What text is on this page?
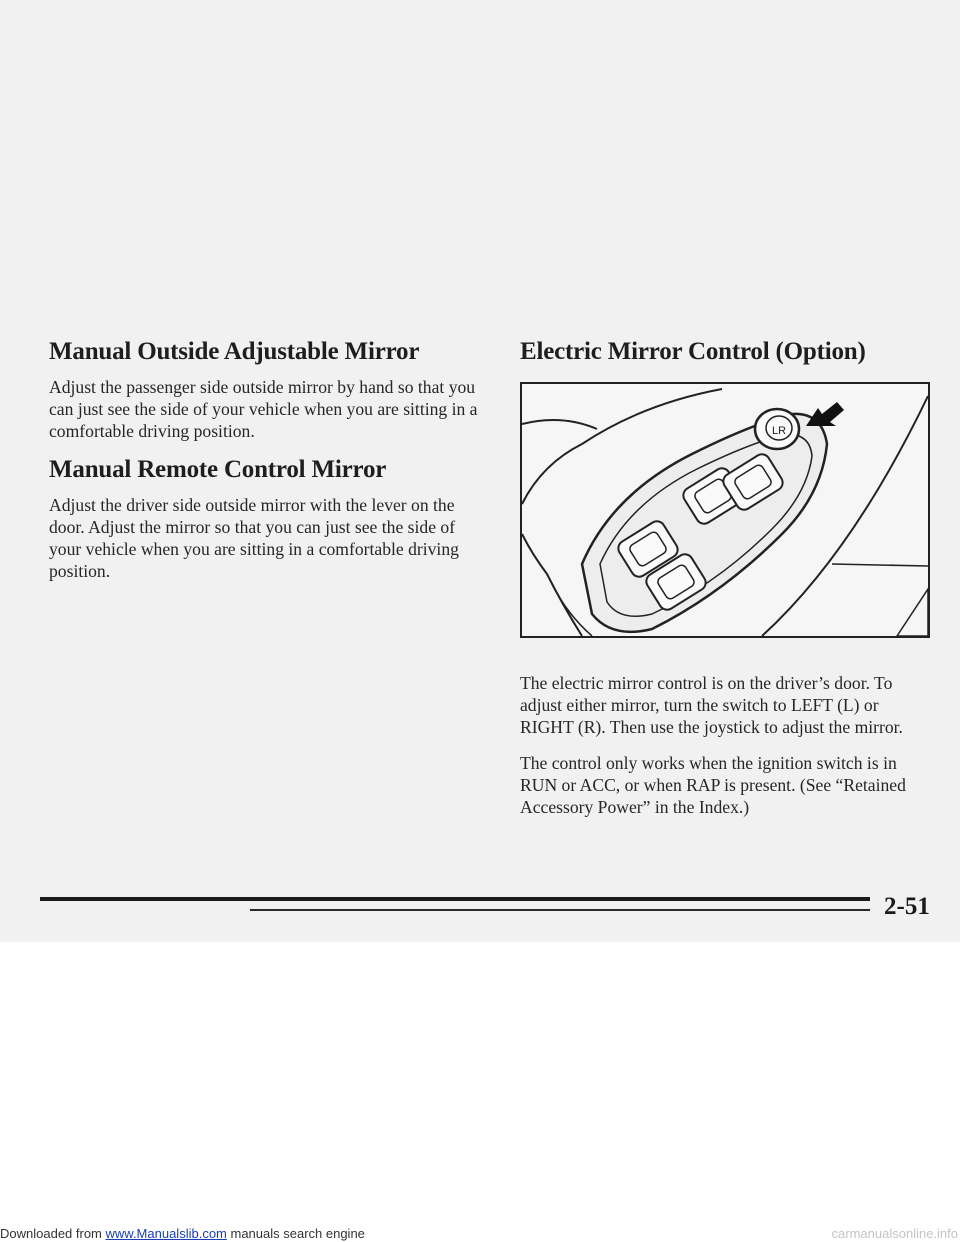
Manual Outside Adjustable Mirror

Adjust the passenger side outside mirror by hand so that you can just see the side of your vehicle when you are sitting in a comfortable driving position.

Manual Remote Control Mirror

Adjust the driver side outside mirror with the lever on the door. Adjust the mirror so that you can just see the side of your vehicle when you are sitting in a comfortable driving position.

Electric Mirror Control (Option)
LR

The electric mirror control is on the driver’s door. To adjust either mirror, turn the switch to LEFT (L) or RIGHT (R). Then use the joystick to adjust the mirror.

The control only works when the ignition switch is in RUN or ACC, or when RAP is present. (See “Retained Accessory Power” in the Index.)

2-51
Downloaded from www.Manualslib.com manuals search engine	carmanualsonline.info
